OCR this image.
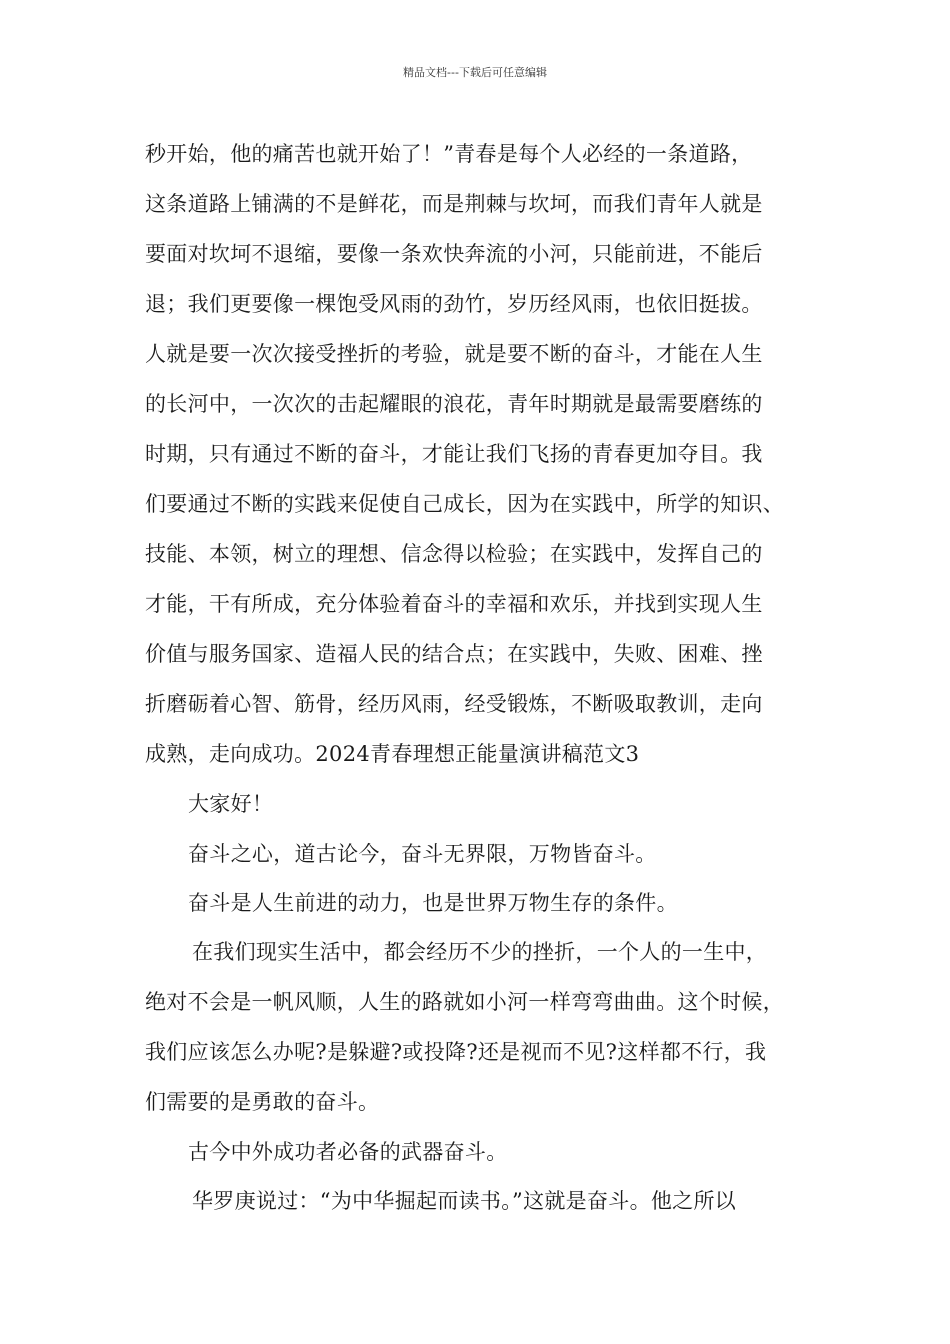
精品文档---下载后可任意编辑
秒开始，他的痛苦也就开始了！”青春是每个人必经的一条道路，
这条道路上铺满的不是鲜花，而是荆棘与坎坷，而我们青年人就是
要面对坎坷不退缩，要像一条欢快奔流的小河，只能前进，不能后
退；我们更要像一棵饱受风雨的劲竹，岁历经风雨，也依旧挺拔。
人就是要一次次接受挫折的考验，就是要不断的奋斗，才能在人生
的长河中，一次次的击起耀眼的浪花，青年时期就是最需要磨练的
时期，只有通过不断的奋斗，才能让我们飞扬的青春更加夺目。我
们要通过不断的实践来促使自己成长，因为在实践中，所学的知识、
技能、本领，树立的理想、信念得以检验；在实践中，发挥自己的
才能，干有所成，充分体验着奋斗的幸福和欢乐，并找到实现人生
价值与服务国家、造福人民的结合点；在实践中，失败、困难、挫
折磨砺着心智、筋骨，经历风雨，经受锻炼，不断吸取教训，走向
成熟，走向成功。2024青春理想正能量演讲稿范文3
大家好！
奋斗之心，道古论今，奋斗无界限，万物皆奋斗。
奋斗是人生前进的动力，也是世界万物生存的条件。
在我们现实生活中，都会经历不少的挫折，一个人的一生中，
绝对不会是一帆风顺，人生的路就如小河一样弯弯曲曲。这个时候，
我们应该怎么办呢?是躲避?或投降?还是视而不见?这样都不行，我
们需要的是勇敢的奋斗。
古今中外成功者必备的武器奋斗。
华罗庚说过：“为中华掘起而读书。”这就是奋斗。他之所以
